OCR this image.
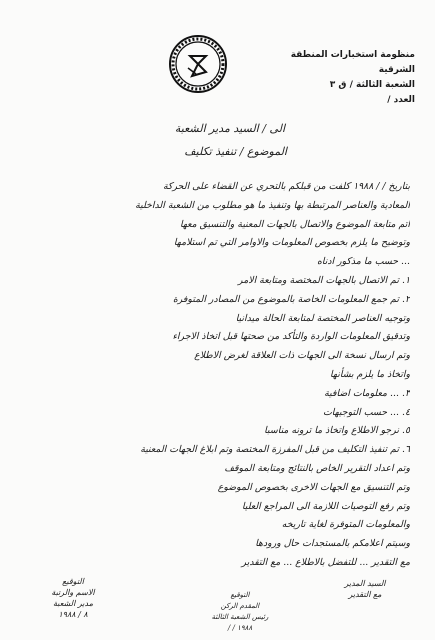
منظومة استخبارات المنطقة الشرقية
الشعبة الثالثة / ق ٣
العدد /
الى / السيد مدير الشعبة
الموضوع / تنفيذ تكليف
بتاريخ / / ١٩٨٨ كلفت من قبلكم بالتحري عن القضاء على الحركة
المعادية والعناصر المرتبطة بها وتنفيذ ما هو مطلوب من الشعبة الداخلية
اتم متابعة الموضوع والاتصال بالجهات المعنية والتنسيق معها
وتوضيح ما يلزم بخصوص المعلومات والاوامر التي تم استلامها
... حسب ما مذكور ادناه
١. تم الاتصال بالجهات المختصة ومتابعة الامر
٢. تم جمع المعلومات الخاصة بالموضوع من المصادر المتوفرة
وتوجيه العناصر المختصة لمتابعة الحالة ميدانيا
وتدقيق المعلومات الواردة والتأكد من صحتها قبل اتخاذ الاجراء
وتم ارسال نسخة الى الجهات ذات العلاقة لغرض الاطلاع
واتخاذ ما يلزم بشأنها
٣. ... معلومات اضافية
٤. ... حسب التوجيهات
٥. نرجو الاطلاع واتخاذ ما ترونه مناسبا
٦. تم تنفيذ التكليف من قبل المفرزة المختصة وتم ابلاغ الجهات المعنية
وتم اعداد التقرير الخاص بالنتائج ومتابعة الموقف
وتم التنسيق مع الجهات الاخرى بخصوص الموضوع
وتم رفع التوصيات اللازمة الى المراجع العليا
والمعلومات المتوفرة لغاية تاريخه
وسيتم اعلامكم بالمستجدات حال ورودها
مع التقدير ... للتفضل بالاطلاع ... مع التقدير
التوقيع
الاسم والرتبة
مدير الشعبة
٨ / ١٩٨٨
التوقيع
المقدم الركن
رئيس الشعبة الثالثة
١٩٨٨ / /
السيد المدير
مع التقدير
